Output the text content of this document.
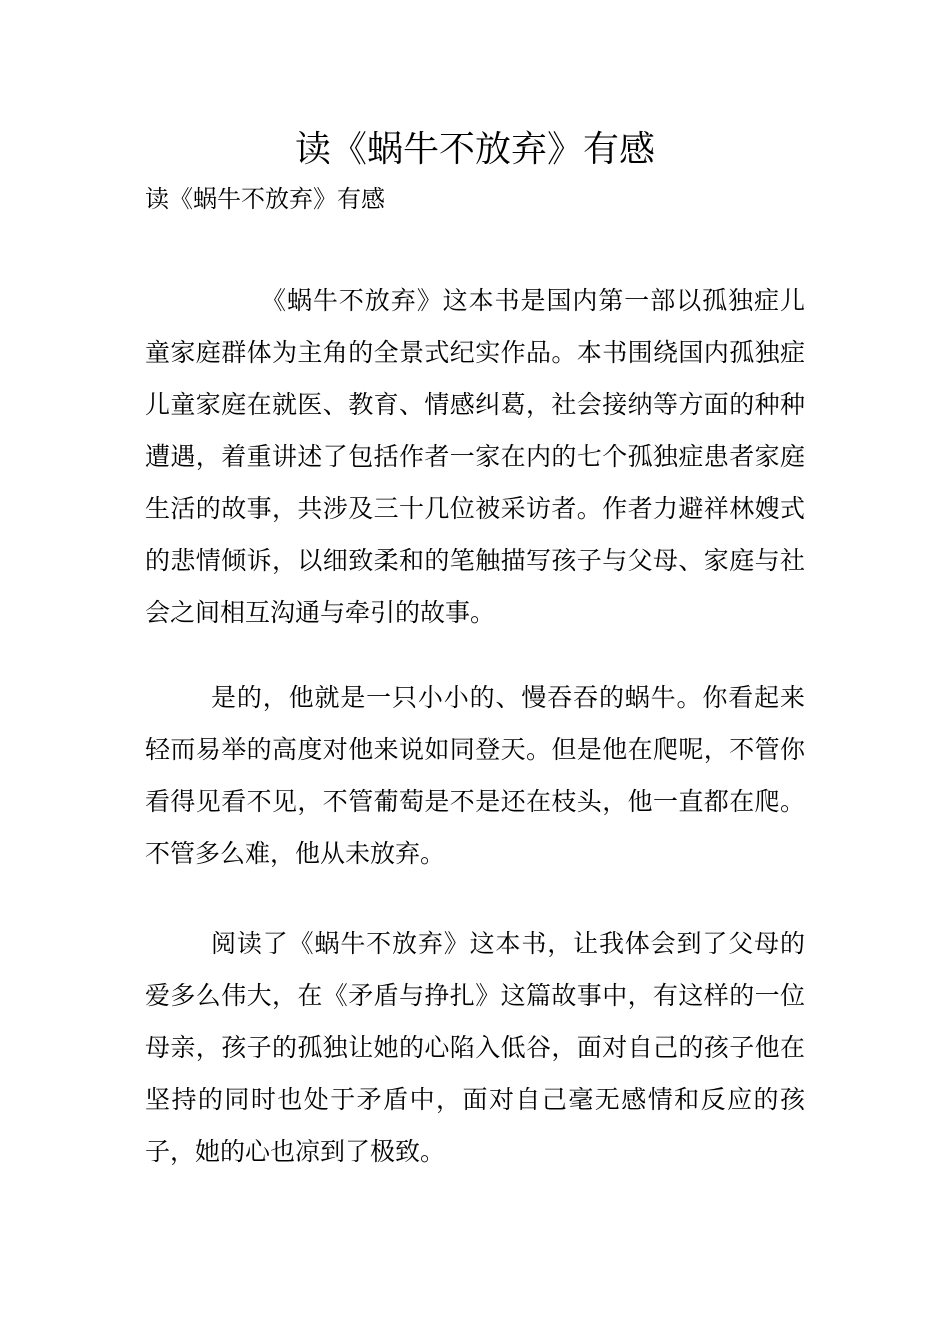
读《蜗牛不放弃》有感

读《蜗牛不放弃》有感

《蜗牛不放弃》这本书是国内第一部以孤独症儿童家庭群体为主角的全景式纪实作品。本书围绕国内孤独症儿童家庭在就医、教育、情感纠葛，社会接纳等方面的种种遭遇，着重讲述了包括作者一家在内的七个孤独症患者家庭生活的故事，共涉及三十几位被采访者。作者力避祥林嫂式的悲情倾诉，以细致柔和的笔触描写孩子与父母、家庭与社会之间相互沟通与牵引的故事。

是的，他就是一只小小的、慢吞吞的蜗牛。你看起来轻而易举的高度对他来说如同登天。但是他在爬呢，不管你看得见看不见，不管葡萄是不是还在枝头，他一直都在爬。不管多么难，他从未放弃。

阅读了《蜗牛不放弃》这本书，让我体会到了父母的爱多么伟大，在《矛盾与挣扎》这篇故事中，有这样的一位母亲，孩子的孤独让她的心陷入低谷，面对自己的孩子他在坚持的同时也处于矛盾中，面对自己毫无感情和反应的孩子，她的心也凉到了极致。
